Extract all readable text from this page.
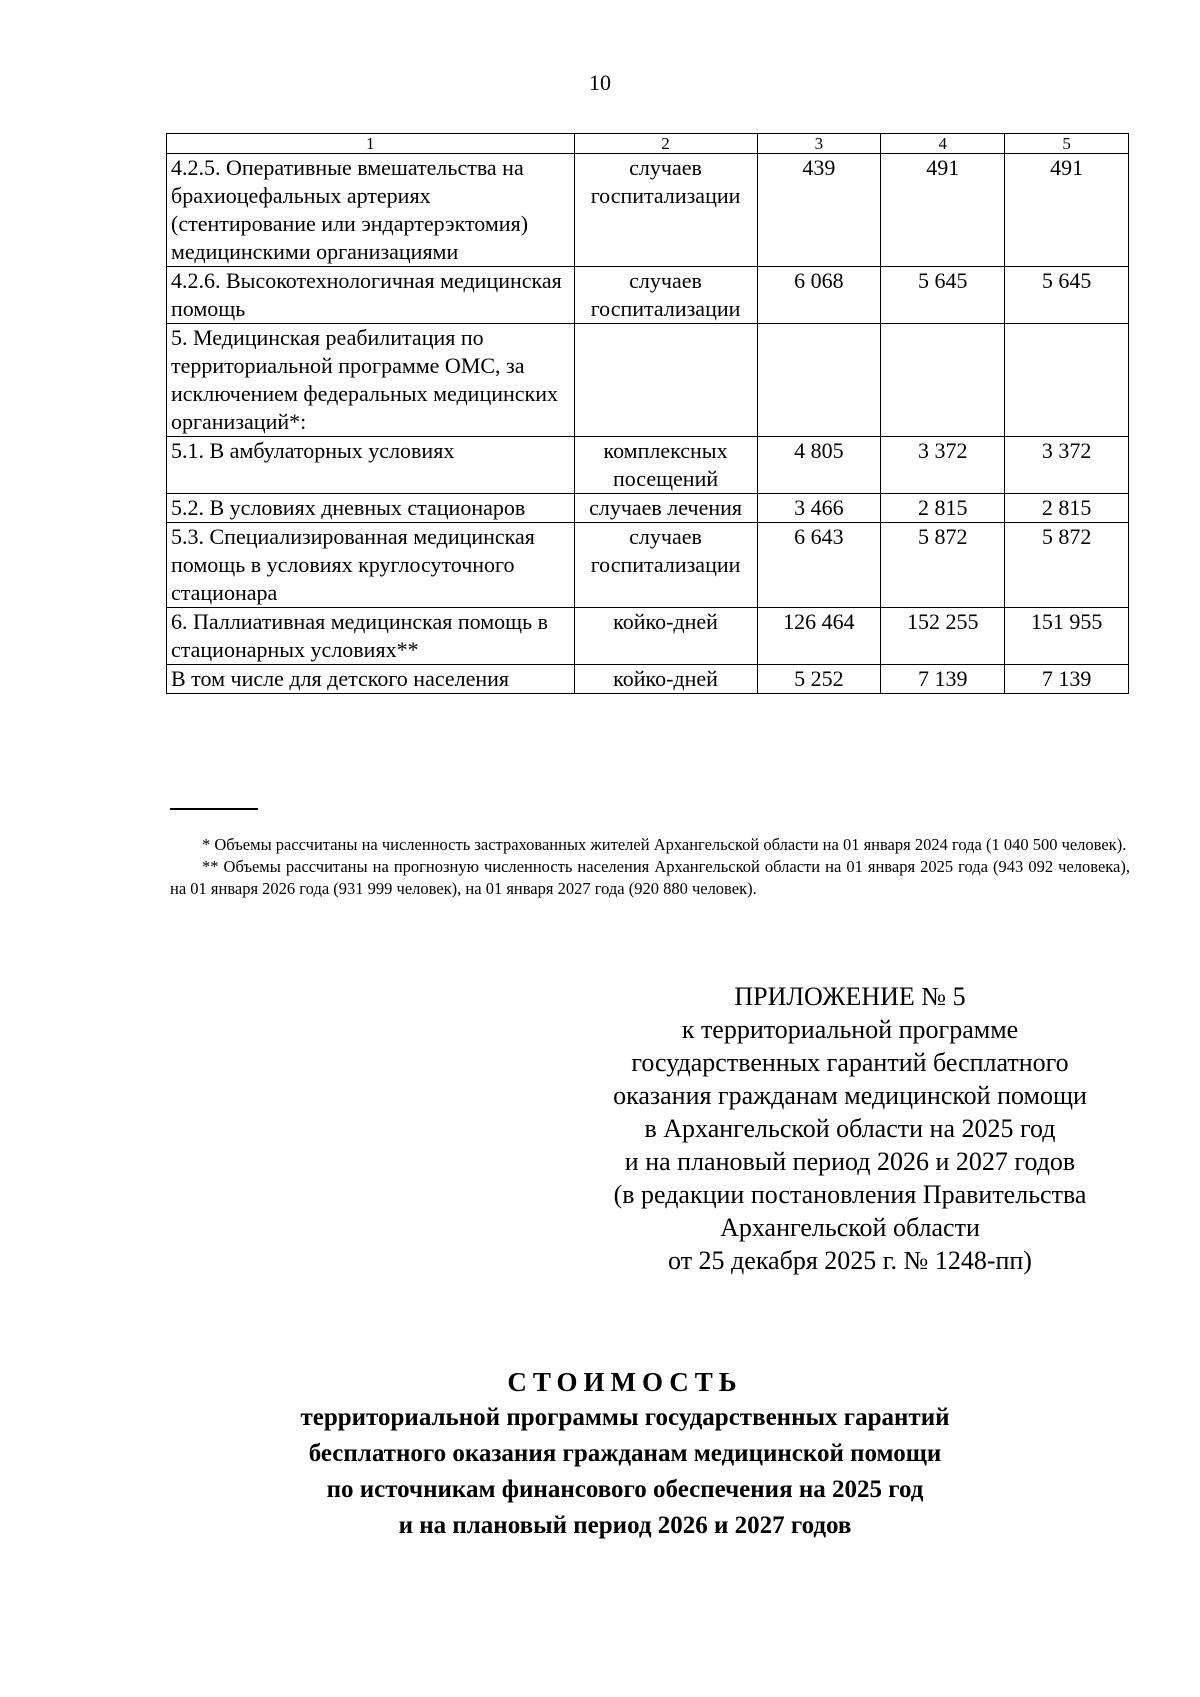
10
1	2	3	4	5
4.2.5. Оперативные вмешательства на брахиоцефальных артериях (стентирование или эндартерэктомия) медицинскими организациями	случаев госпитализации	439	491	491
4.2.6. Высокотехнологичная медицинская помощь	случаев госпитализации	6 068	5 645	5 645
5. Медицинская реабилитация по территориальной программе ОМС, за исключением федеральных медицинских организаций*:				
5.1. В амбулаторных условиях	комплексных посещений	4 805	3 372	3 372
5.2. В условиях дневных стационаров	случаев лечения	3 466	2 815	2 815
5.3. Специализированная медицинская помощь в условиях круглосуточного стационара	случаев госпитализации	6 643	5 872	5 872
6. Паллиативная медицинская помощь в стационарных условиях**	койко-дней	126 464	152 255	151 955
В том числе для детского населения	койко-дней	5 252	7 139	7 139

* Объемы рассчитаны на численность застрахованных жителей Архангельской области на 01 января 2024 года (1 040 500 человек).

** Объемы рассчитаны на прогнозную численность населения Архангельской области на 01 января 2025 года (943 092 человека), на 01 января 2026 года (931 999 человек), на 01 января 2027 года (920 880 человек).

ПРИЛОЖЕНИЕ № 5
к территориальной программе
государственных гарантий бесплатного
оказания гражданам медицинской помощи
в Архангельской области на 2025 год
и на плановый период 2026 и 2027 годов
(в редакции постановления Правительства
Архангельской области
от 25 декабря 2025 г. № 1248-пп)
СТОИМОСТЬ
территориальной программы государственных гарантий
бесплатного оказания гражданам медицинской помощи
по источникам финансового обеспечения на 2025 год
и на плановый период 2026 и 2027 годов
